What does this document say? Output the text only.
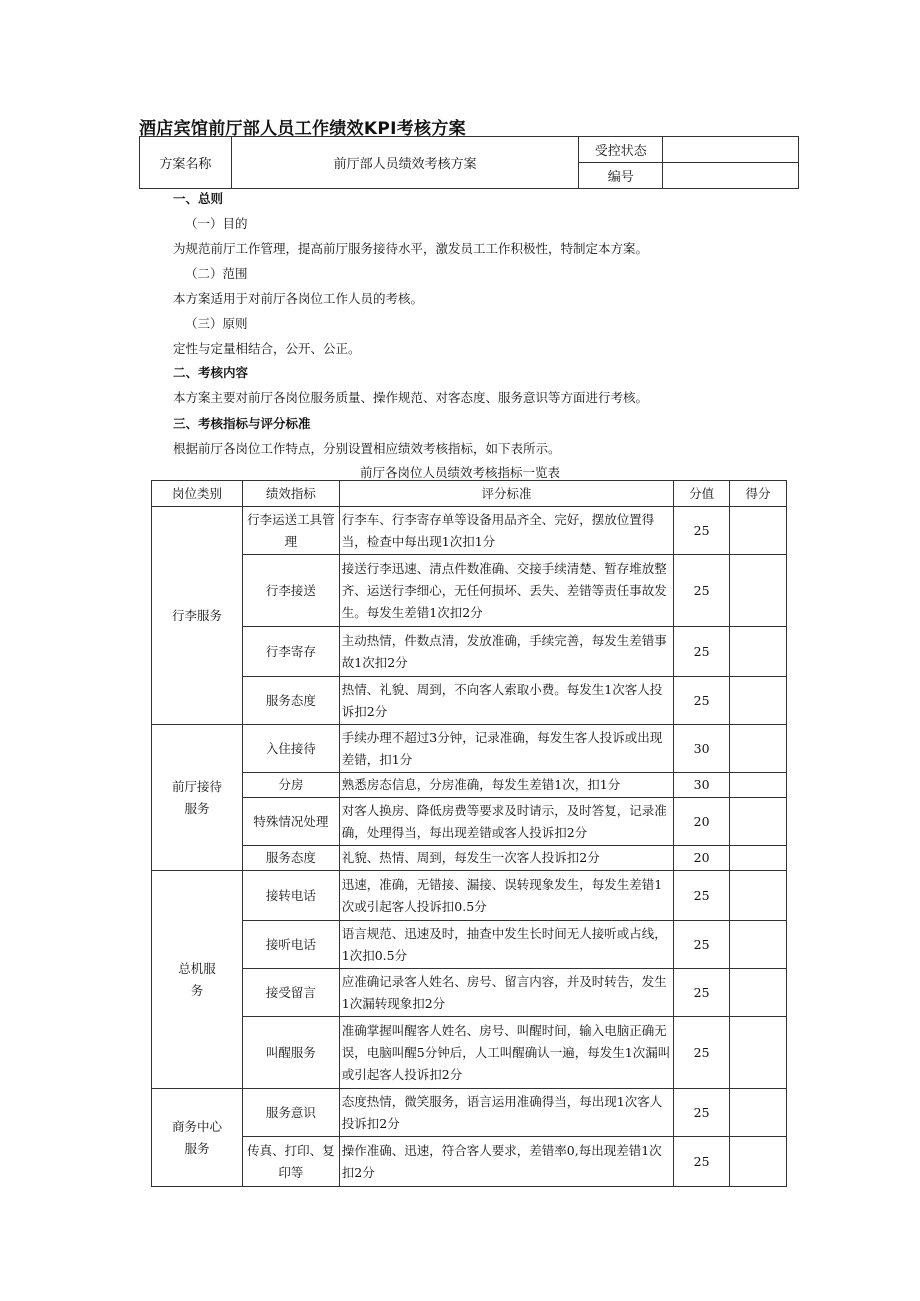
酒店宾馆前厅部人员工作绩效KPI考核方案
方案名称	前厅部人员绩效考核方案	受控状态	
		编号	
一、总则
（一）目的
为规范前厅工作管理，提高前厅服务接待水平，激发员工工作积极性，特制定本方案。
（二）范围
本方案适用于对前厅各岗位工作人员的考核。
（三）原则
定性与定量相结合，公开、公正。
二、考核内容
本方案主要对前厅各岗位服务质量、操作规范、对客态度、服务意识等方面进行考核。
三、考核指标与评分标准
根据前厅各岗位工作特点，分别设置相应绩效考核指标，如下表所示。
前厅各岗位人员绩效考核指标一览表
岗位类别	绩效指标	评分标准	分值	得分
行李服务	行李运送工具管理	行李车、行李寄存单等设备用品齐全、完好，摆放位置得当，检查中每出现1次扣1分	25	
	行李接送	接送行李迅速、清点件数准确、交接手续清楚、暂存堆放整齐、运送行李细心，无任何损坏、丢失、差错等责任事故发生。每发生差错1次扣2分	25	
	行李寄存	主动热情，件数点清，发放准确，手续完善，每发生差错事故1次扣2分	25	
	服务态度	热情、礼貌、周到，不向客人索取小费。每发生1次客人投诉扣2分	25	
前厅接待服务	入住接待	手续办理不超过3分钟，记录准确，每发生客人投诉或出现差错，扣1分	30	
	分房	熟悉房态信息，分房准确，每发生差错1次，扣1分	30	
	特殊情况处理	对客人换房、降低房费等要求及时请示，及时答复，记录准确，处理得当，每出现差错或客人投诉扣2分	20	
	服务态度	礼貌、热情、周到，每发生一次客人投诉扣2分	20	
总机服务	接转电话	迅速，准确，无错接、漏接、误转现象发生，每发生差错1次或引起客人投诉扣0.5分	25	
	接听电话	语言规范、迅速及时，抽查中发生长时间无人接听或占线，1次扣0.5分	25	
	接受留言	应准确记录客人姓名、房号、留言内容，并及时转告，发生1次漏转现象扣2分	25	
	叫醒服务	准确掌握叫醒客人姓名、房号、叫醒时间，输入电脑正确无误，电脑叫醒5分钟后，人工叫醒确认一遍，每发生1次漏叫或引起客人投诉扣2分	25	
商务中心服务	服务意识	态度热情，微笑服务，语言运用准确得当，每出现1次客人投诉扣2分	25	
	传真、打印、复印等	操作准确、迅速，符合客人要求，差错率0,每出现差错1次扣2分	25	
